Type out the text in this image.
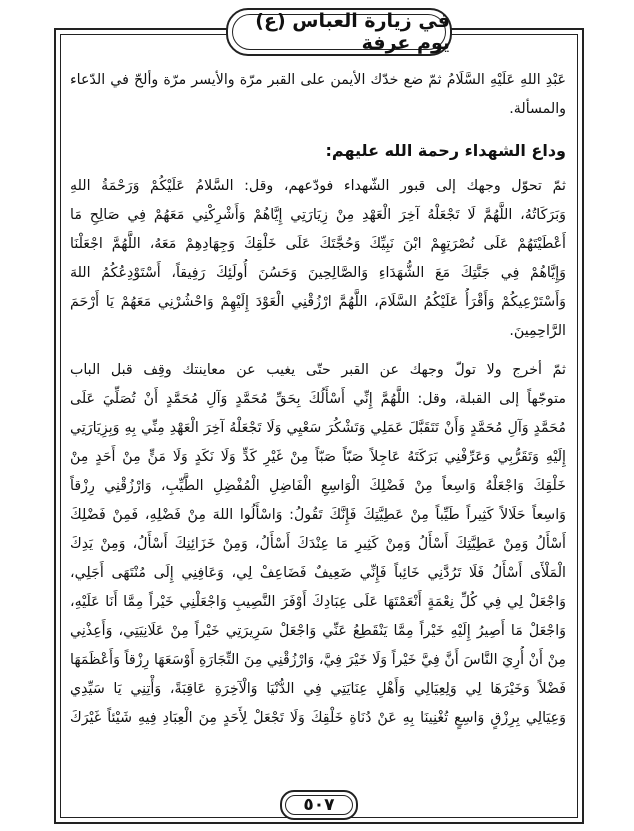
في زيارة العباس (ع) يوم عرفة
عَبْدِ اللهِ عَلَيْهِ السَّلَامُ ثمّ ضع خدّك الأيمن على القبر مرّة والأيسر مرّة وألحّ في الدّعاء
والمسألة.
وداع الشهداء رحمة الله عليهم:
ثمّ تحوّل وجهك إلى قبور الشّهداء فودّعهم، وقل: السَّلامُ عَلَيْكُمْ وَرَحْمَةُ اللهِ
وَبَرَكَاتُهُ، اللَّهُمَّ لَا تَجْعَلْهُ آخِرَ الْعَهْدِ مِنْ زِيَارَتِي إِيَّاهُمْ وَأَشْرِكْنِي مَعَهُمْ فِي صَالِحِ مَا
أَعْطَيْتَهُمْ عَلَى نُصْرَتِهِمْ ابْنَ نَبِيِّكَ وَحُجَّتَكَ عَلَى خَلْقِكَ وَجِهَادِهِمْ مَعَهُ، اللَّهُمَّ اجْعَلْنَا
وَإِيَّاهُمْ فِي جَنَّتِكَ مَعَ الشُّهَدَاءِ وَالصَّالِحِينَ وَحَسُنَ أُولَئِكَ رَفِيقاً، أَسْتَوْدِعُكُمُ اللهَ
وَأَسْتَرْعِيكُمْ وَأَقْرَأُ عَلَيْكُمُ السَّلَامَ، اللَّهُمَّ ارْزُقْنِي الْعَوْدَ إِلَيْهِمْ وَاحْشُرْنِي مَعَهُمْ يَا أَرْحَمَ
الرَّاحِمِينَ.
ثمّ أخرج ولا تولّ وجهك عن القبر حتّى يغيب عن معاينتك وقِف قبل الباب
متوجّهاً إلى القبلة، وقل: اللَّهُمَّ إِنِّي أَسْأَلُكَ بِحَقِّ مُحَمَّدٍ وَآلِ مُحَمَّدٍ أَنْ تُصَلِّيَ عَلَى
مُحَمَّدٍ وَآلِ مُحَمَّدٍ وَأَنْ تَتَقَبَّلَ عَمَلِي وَتَشْكُرَ سَعْيِي وَلَا تَجْعَلْهُ آخِرَ الْعَهْدِ مِنِّي بِهِ وَبِزِيَارَتِي
إِلَيْهِ وَتَقَرُّبِي وَعَرِّفْنِي بَرَكَتَهُ عَاجِلاً صَبّاً صَبّاً مِنْ غَيْرِ كَدٍّ وَلَا نَكَدٍ وَلَا مَنٍّ مِنْ أَحَدٍ مِنْ
خَلْقِكَ وَاجْعَلْهُ وَاسِعاً مِنْ فَضْلِكَ الْوَاسِعِ الْفَاضِلِ الْمُفْضِلِ الطَّيِّبِ، وَارْزُقْنِي رِزْقاً
وَاسِعاً حَلَالاً كَثِيراً طَيِّباً مِنْ عَطِيَّتِكَ فَإِنَّكَ تَقُولُ: وَاسْأَلُوا اللهَ مِنْ فَضْلِهِ، فَمِنْ فَضْلِكَ
أَسْأَلُ وَمِنْ عَطِيَّتِكَ أَسْأَلُ وَمِنْ كَثِيرِ مَا عِنْدَكَ أَسْأَلُ، وَمِنْ خَزَائِنِكَ أَسْأَلُ، وَمِنْ يَدِكَ
الْمَلْأَى أَسْأَلُ فَلَا تَرُدَّنِي خَائِباً فَإِنِّي ضَعِيفٌ فَضَاعِفْ لِي، وَعَافِنِي إِلَى مُنْتَهَى أَجَلِي،
وَاجْعَلْ لِي فِي كُلِّ نِعْمَةٍ أَنْعَمْتَهَا عَلَى عِبَادِكَ أَوْفَرَ النَّصِيبِ وَاجْعَلْنِي خَيْراً مِمَّا أَنَا عَلَيْهِ،
وَاجْعَلْ مَا أَصِيرُ إِلَيْهِ خَيْراً مِمَّا يَنْقَطِعُ عَنِّي وَاجْعَلْ سَرِيرَتِي خَيْراً مِنْ عَلَانِيَتِي، وَأَعِذْنِي
مِنْ أَنْ أُرِيَ النَّاسَ أَنَّ فِيَّ خَيْراً وَلَا خَيْرَ فِيَّ، وَارْزُقْنِي مِنَ التِّجَارَةِ أَوْسَعَهَا رِزْقاً وَأَعْظَمَهَا
فَضْلاً وَخَيْرَهَا لِي وَلِعِيَالِي وَأَهْلِ عِنَايَتِي فِي الدُّنْيَا وَالْآخِرَةِ عَاقِبَةً، وَأْتِنِي يَا سَيِّدِي
وَعِيَالِي بِرِزْقٍ وَاسِعٍ تُغْنِينَا بِهِ عَنْ دُنَاةِ خَلْقِكَ وَلَا تَجْعَلْ لِأَحَدٍ مِنَ الْعِبَادِ فِيهِ شَيْئاً غَيْرَكَ
٥٠٧
